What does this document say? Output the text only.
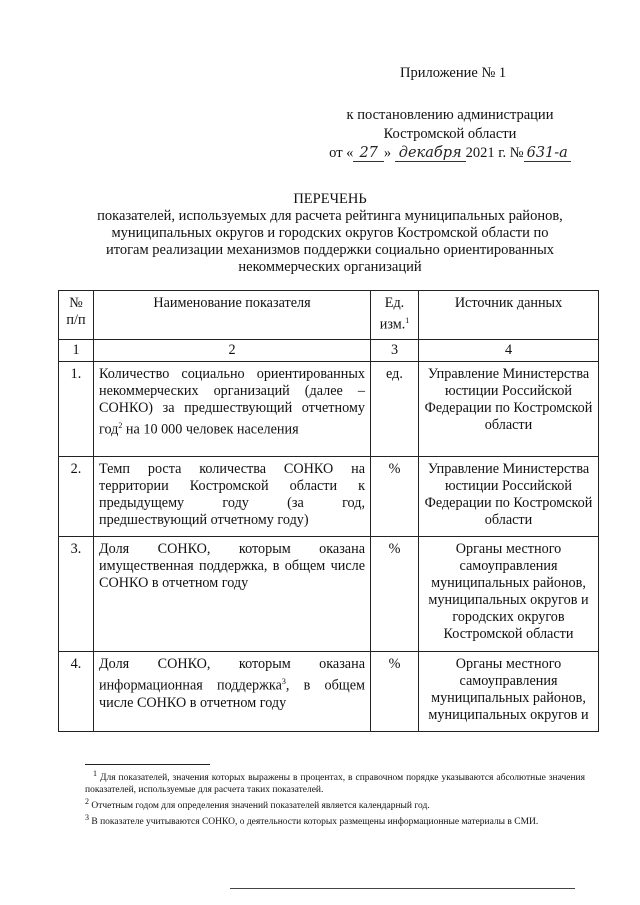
Приложение № 1
к постановлению администрации
Костромской области
от « 27 » декабря 2021 г. № 631-а
ПЕРЕЧЕНЬ
показателей, используемых для расчета рейтинга муниципальных районов, муниципальных округов и городских округов Костромской области по итогам реализации механизмов поддержки социально ориентированных некоммерческих организаций
№ п/п	Наименование показателя	Ед. изм.$^1$	Источник данных
1	2	3	4
1.	Количество социально ориентированных некоммерческих организаций (далее – СОНКО) за предшествующий отчетному год$^2$ на 10 000 человек населения	ед.	Управление Министерства юстиции Российской Федерации по Костромской области
2.	Темп роста количества СОНКО на территории Костромской области к предыдущему году (за год, предшествующий отчетному году)	%	Управление Министерства юстиции Российской Федерации по Костромской области
3.	Доля СОНКО, которым оказана имущественная поддержка, в общем числе СОНКО в отчетном году	%	Органы местного самоуправления муниципальных районов, муниципальных округов и городских округов Костромской области
4.	Доля СОНКО, которым оказана информационная поддержка$^3$, в общем числе СОНКО в отчетном году	%	Органы местного самоуправления муниципальных районов, муниципальных округов и
$^1$ Для показателей, значения которых выражены в процентах, в справочном порядке указываются абсолютные значения показателей, используемые для расчета таких показателей.
$^2$ Отчетным годом для определения значений показателей является календарный год.
$^3$ В показателе учитываются СОНКО, о деятельности которых размещены информационные материалы в СМИ.
